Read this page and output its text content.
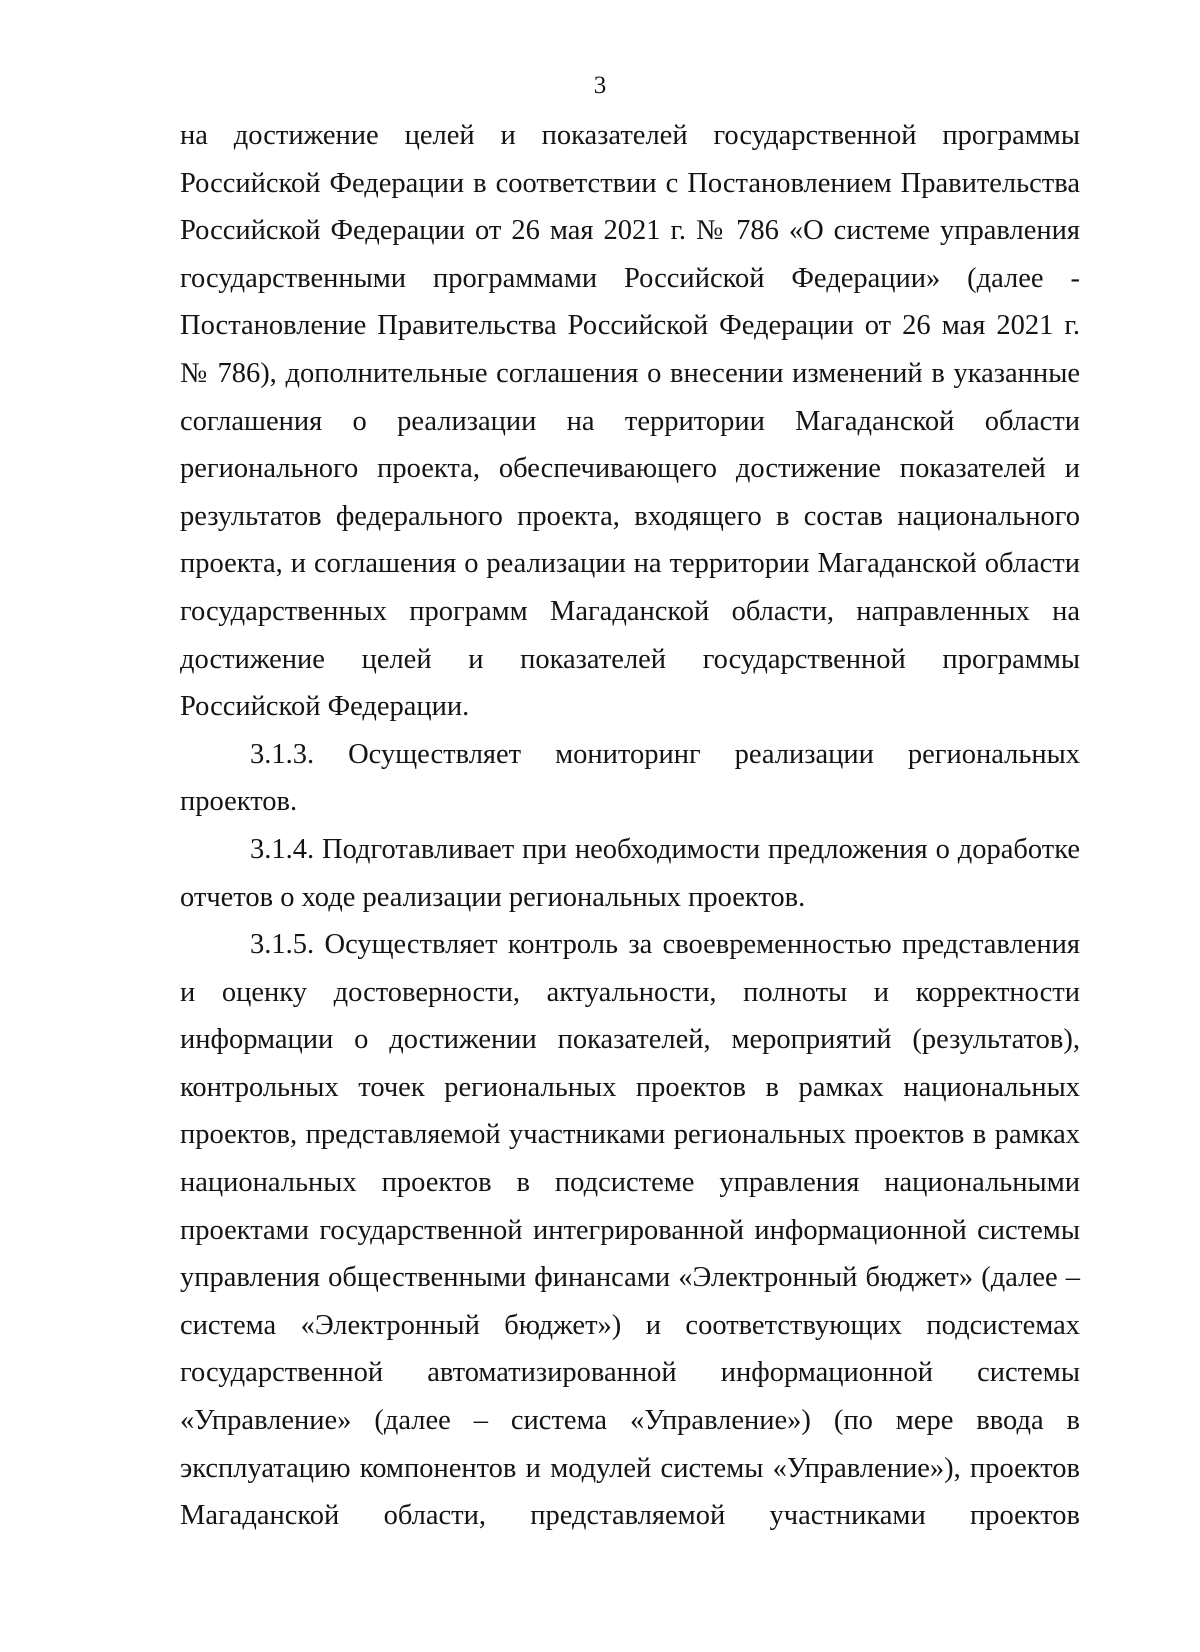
3

на достижение целей и показателей государственной программы Российской Федерации в соответствии с Постановлением Правительства Российской Федерации от 26 мая 2021 г. № 786 «О системе управления государственными программами Российской Федерации» (далее - Постановление Правительства Российской Федерации от 26 мая 2021 г. № 786), дополнительные соглашения о внесении изменений в указанные соглашения о реализации на территории Магаданской области регионального проекта, обеспечивающего достижение показателей и результатов федерального проекта, входящего в состав национального проекта, и соглашения о реализации на территории Магаданской области государственных программ Магаданской области, направленных на достижение целей и показателей государственной программы Российской Федерации.

3.1.3. Осуществляет мониторинг реализации региональных проектов.

3.1.4. Подготавливает при необходимости предложения о доработке отчетов о ходе реализации региональных проектов.

3.1.5. Осуществляет контроль за своевременностью представления и оценку достоверности, актуальности, полноты и корректности информации о достижении показателей, мероприятий (результатов), контрольных точек региональных проектов в рамках национальных проектов, представляемой участниками региональных проектов в рамках национальных проектов в подсистеме управления национальными проектами государственной интегрированной информационной системы управления общественными финансами «Электронный бюджет» (далее – система «Электронный бюджет») и соответствующих подсистемах государственной автоматизированной информационной системы «Управление» (далее – система «Управление») (по мере ввода в эксплуатацию компонентов и модулей системы «Управление»), проектов Магаданской области, представляемой участниками проектов
